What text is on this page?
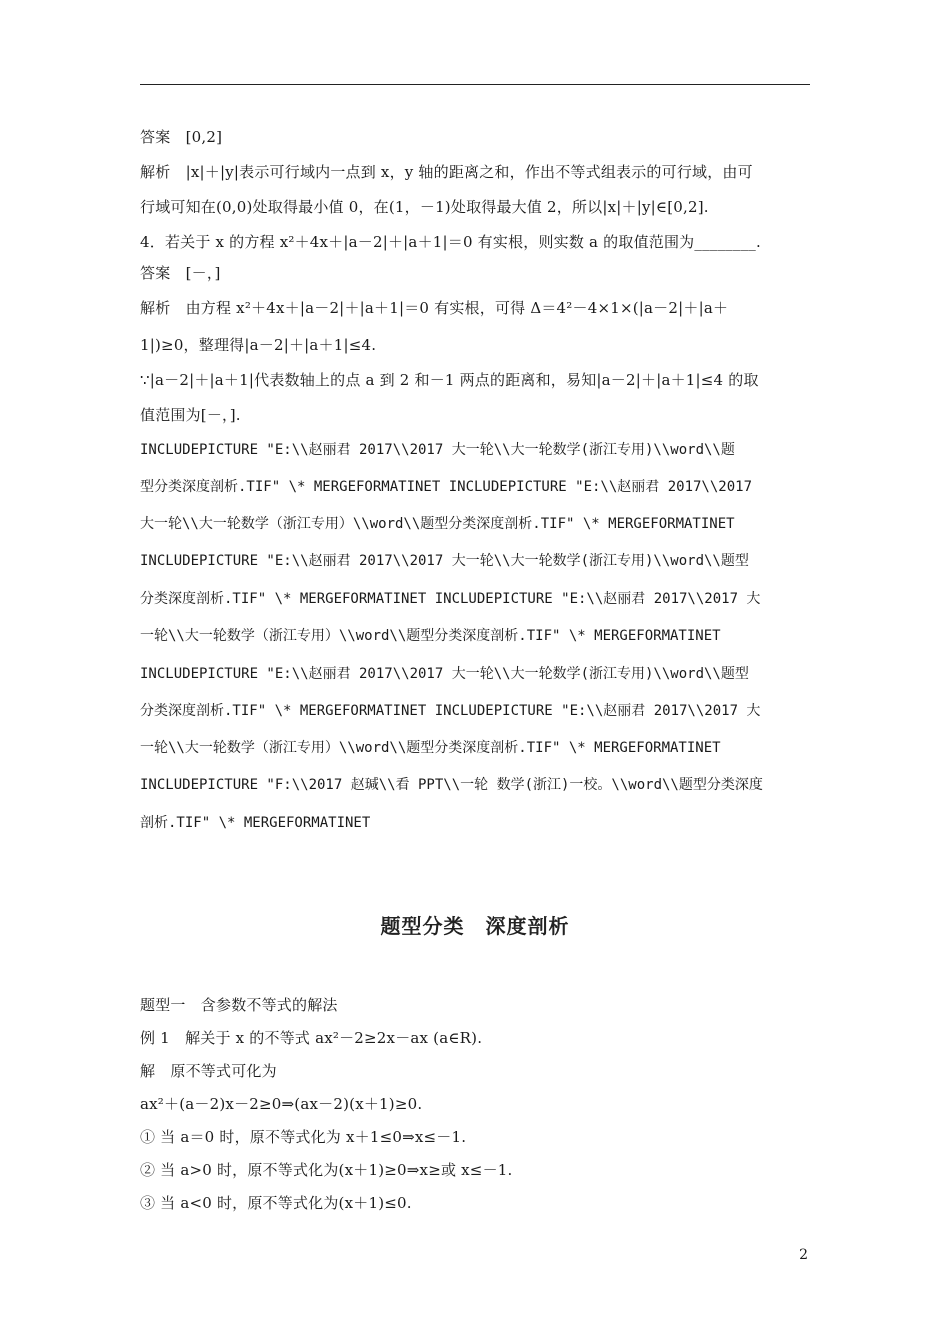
答案　[0,2]
解析　|x|＋|y|表示可行域内一点到 x，y 轴的距离之和，作出不等式组表示的可行域，由可
行域可知在(0,0)处取得最小值 0，在(1，－1)处取得最大值 2，所以|x|＋|y|∈[0,2].
4．若关于 x 的方程 x²＋4x＋|a－2|＋|a＋1|＝0 有实根，则实数 a 的取值范围为________.
答案　[－，]
解析　由方程 x²＋4x＋|a－2|＋|a＋1|＝0 有实根，可得 Δ＝4²－4×1×(|a－2|＋|a＋
1|)≥0，整理得|a－2|＋|a＋1|≤4.
∵|a－2|＋|a＋1|代表数轴上的点 a 到 2 和－1 两点的距离和，易知|a－2|＋|a＋1|≤4 的取
值范围为[－，].
INCLUDEPICTURE "E:\\赵丽君 2017\\2017 大一轮\\大一轮数学(浙江专用)\\word\\题
型分类深度剖析.TIF" \* MERGEFORMATINET INCLUDEPICTURE "E:\\赵丽君 2017\\2017
大一轮\\大一轮数学（浙江专用）\\word\\题型分类深度剖析.TIF" \* MERGEFORMATINET
INCLUDEPICTURE "E:\\赵丽君 2017\\2017 大一轮\\大一轮数学(浙江专用)\\word\\题型
分类深度剖析.TIF" \* MERGEFORMATINET INCLUDEPICTURE "E:\\赵丽君 2017\\2017 大
一轮\\大一轮数学（浙江专用）\\word\\题型分类深度剖析.TIF" \* MERGEFORMATINET
INCLUDEPICTURE "E:\\赵丽君 2017\\2017 大一轮\\大一轮数学(浙江专用)\\word\\题型
分类深度剖析.TIF" \* MERGEFORMATINET INCLUDEPICTURE "E:\\赵丽君 2017\\2017 大
一轮\\大一轮数学（浙江专用）\\word\\题型分类深度剖析.TIF" \* MERGEFORMATINET
INCLUDEPICTURE "F:\\2017 赵瑊\\看 PPT\\一轮 数学(浙江)一校。\\word\\题型分类深度
剖析.TIF" \* MERGEFORMATINET
题型分类　深度剖析
题型一　含参数不等式的解法
例 1　解关于 x 的不等式 ax²－2≥2x－ax (a∈R).
解　原不等式可化为
ax²＋(a－2)x－2≥0⇒(ax－2)(x＋1)≥0.
① 当 a＝0 时，原不等式化为 x＋1≤0⇒x≤－1.
② 当 a>0 时，原不等式化为(x＋1)≥0⇒x≥或 x≤－1.
③ 当 a<0 时，原不等式化为(x＋1)≤0.
2
